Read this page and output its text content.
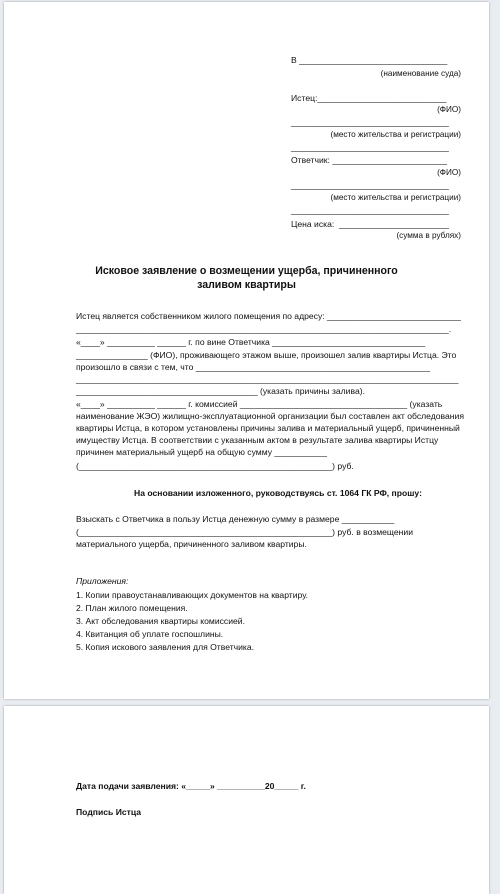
В _______________________________
(наименование суда)
Истец:___________________________
(ФИО)
_________________________________
(место жительства и регистрации)
_________________________________
Ответчик: ________________________
(ФИО)
_________________________________
(место жительства и регистрации)
_________________________________
Цена иска:  _______________________
(сумма в рублях)
Исковое заявление о возмещении ущерба, причиненного заливом квартиры
Истец является собственником жилого помещения по адресу: ____________________________
______________________________________________________________________________.
«____» __________ ______ г. по вине Ответчика ________________________________
_______________ (ФИО), проживающего этажом выше, произошел залив квартиры Истца. Это
произошло в связи с тем, что _________________________________________________
________________________________________________________________________________
______________________________________ (указать причины залива).
«____» __________ ______ г. комиссией ___________________________________ (указать
наименование ЖЭО) жилищно-эксплуатационной организации был составлен акт обследования
квартиры Истца, в котором установлены причины залива и материальный ущерб, причиненный
имуществу Истца. В соответствии с указанным актом в результате залива квартиры Истцу
причинен материальный ущерб на общую сумму ___________
(_____________________________________________________) руб.
На основании изложенного, руководствуясь ст. 1064 ГК РФ, прошу:
Взыскать с Ответчика в пользу Истца денежную сумму в размере ___________
(_____________________________________________________) руб. в возмещении
материального ущерба, причиненного заливом квартиры.
Приложения:
1. Копии правоустанавливающих документов на квартиру.
2. План жилого помещения.
3. Акт обследования квартиры комиссией.
4. Квитанция об уплате госпошлины.
5. Копия искового заявления для Ответчика.
Дата подачи заявления: «_____» __________20_____ г.
Подпись Истца
